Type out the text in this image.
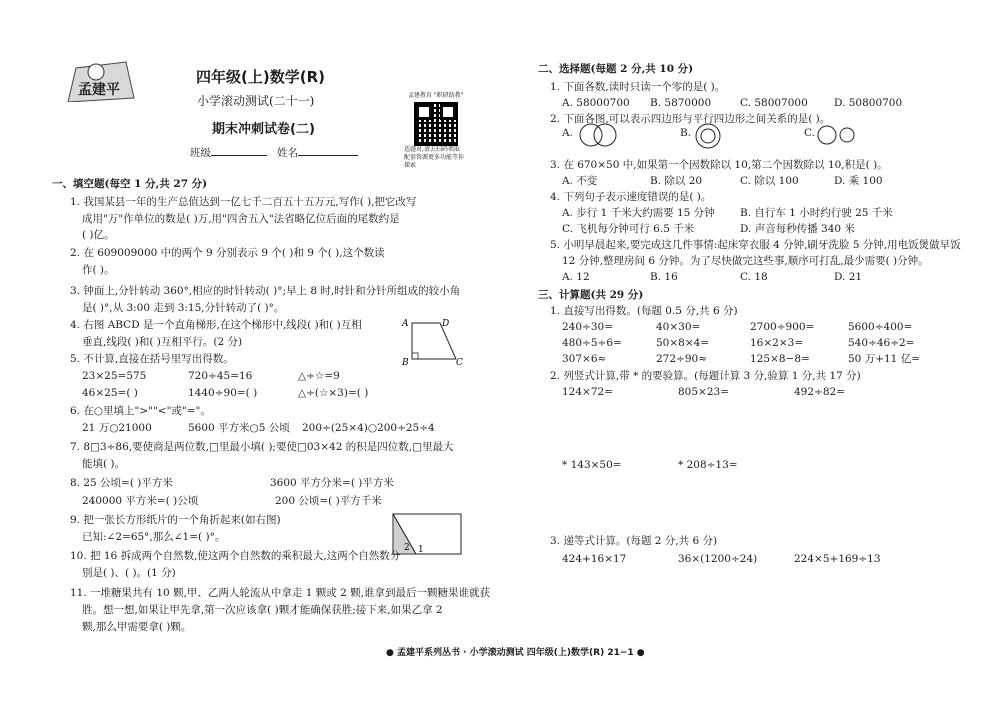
孟建平
四年级(上)数学(R)
小学滚动测试(二十一)
期末冲刺试卷(二)
班级	姓名
孟建教育 "职研助教"
适题对,请去扫码领取配套资源更多功能等你探索
一、填空题(每空 1 分,共 27 分)
1. 我国某县一年的生产总值达到一亿七千二百五十五万元,写作( ),把它改写
成用"万"作单位的数是( )万,用"四舍五入"法省略亿位后面的尾数约是
( )亿。
2. 在 609009000 中的两个 9 分别表示 9 个( )和 9 个( ),这个数读
作( )。
3. 钟面上,分针转动 360°,相应的时针转动( )°;早上 8 时,时针和分针所组成的较小角
是( )°,从 3:00 走到 3:15,分针转动了( )°。
4. 右图 ABCD 是一个直角梯形,在这个梯形中,线段( )和( )互相
垂直,线段( )和( )互相平行。(2 分)
A	D
B	C
5. 不计算,直接在括号里写出得数。
23×25=575	720÷45=16	△÷☆=9
46×25=( )	1440÷90=( )	△÷(☆×3)=( )
6. 在○里填上">""<"或"="。
21 万○21000	5600 平方米○5 公顷 200÷(25×4)○200÷25÷4
7. 8□3÷86,要使商是两位数,□里最小填( );要使□03×42 的积是四位数,□里最大
能填( )。
8. 25 公顷=( )平方米	3600 平方分米=( )平方米
240000 平方米=( )公顷	200 公顷=( )平方千米
9. 把一张长方形纸片的一个角折起来(如右图)
已知:∠2=65°,那么∠1=( )°。
2 1
10. 把 16 拆成两个自然数,使这两个自然数的乘积最大,这两个自然数分
别是( )、( )。(1 分)
11. 一堆糖果共有 10 颗,甲、乙两人轮流从中拿走 1 颗或 2 颗,谁拿到最后一颗糖果谁就获
胜。想一想,如果让甲先拿,第一次应该拿( )颗才能确保获胜;接下来,如果乙拿 2
颗,那么甲需要拿( )颗。
二、选择题(每题 2 分,共 10 分)
1. 下面各数,读时只读一个零的是( )。
A. 58000700 B. 5870000	C. 58007000 D. 50800700
2. 下面各图,可以表示四边形与平行四边形之间关系的是( )。
A.	B.	C.
3. 在 670×50 中,如果第一个因数除以 10,第二个因数除以 10,积是( )。
A. 不变	B. 除以 20	C. 除以 100	D. 乘 100
4. 下列句子表示速度错误的是( )。
A. 步行 1 千米大约需要 15 分钟 B. 自行车 1 小时约行驶 25 千米
C. 飞机每分钟可行 6.5 千米	D. 声音每秒传播 340 米
5. 小明早晨起来,要完成这几件事情:起床穿衣服 4 分钟,刷牙洗脸 5 分钟,用电饭煲做早饭
12 分钟,整理房间 6 分钟。为了尽快做完这些事,顺序可打乱,最少需要( )分钟。
A. 12	B. 16	C. 18	D. 21
三、计算题(共 29 分)
1. 直接写出得数。(每题 0.5 分,共 6 分)
240÷30=	40×30=	2700÷900=	5600÷400=
480÷5÷6=	50×8×4=	16×2×3=	540÷46÷2=
307×6≈	272÷90≈	125×8−8=	50 万+11 亿=
2. 列竖式计算,带 * 的要验算。(每题计算 3 分,验算 1 分,共 17 分)
124×72=	805×23=	492÷82=
* 143×50=	* 208÷13=
3. 递等式计算。(每题 2 分,共 6 分)
424+16×17	36×(1200÷24)	224×5+169÷13
● 孟建平系列丛书 · 小学滚动测试 四年级(上)数学(R) 21−1 ●
